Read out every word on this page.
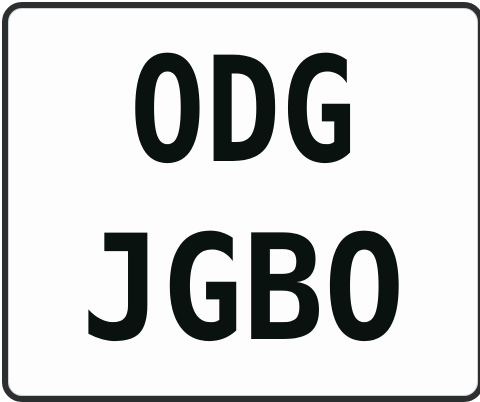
ODG
JGBO
